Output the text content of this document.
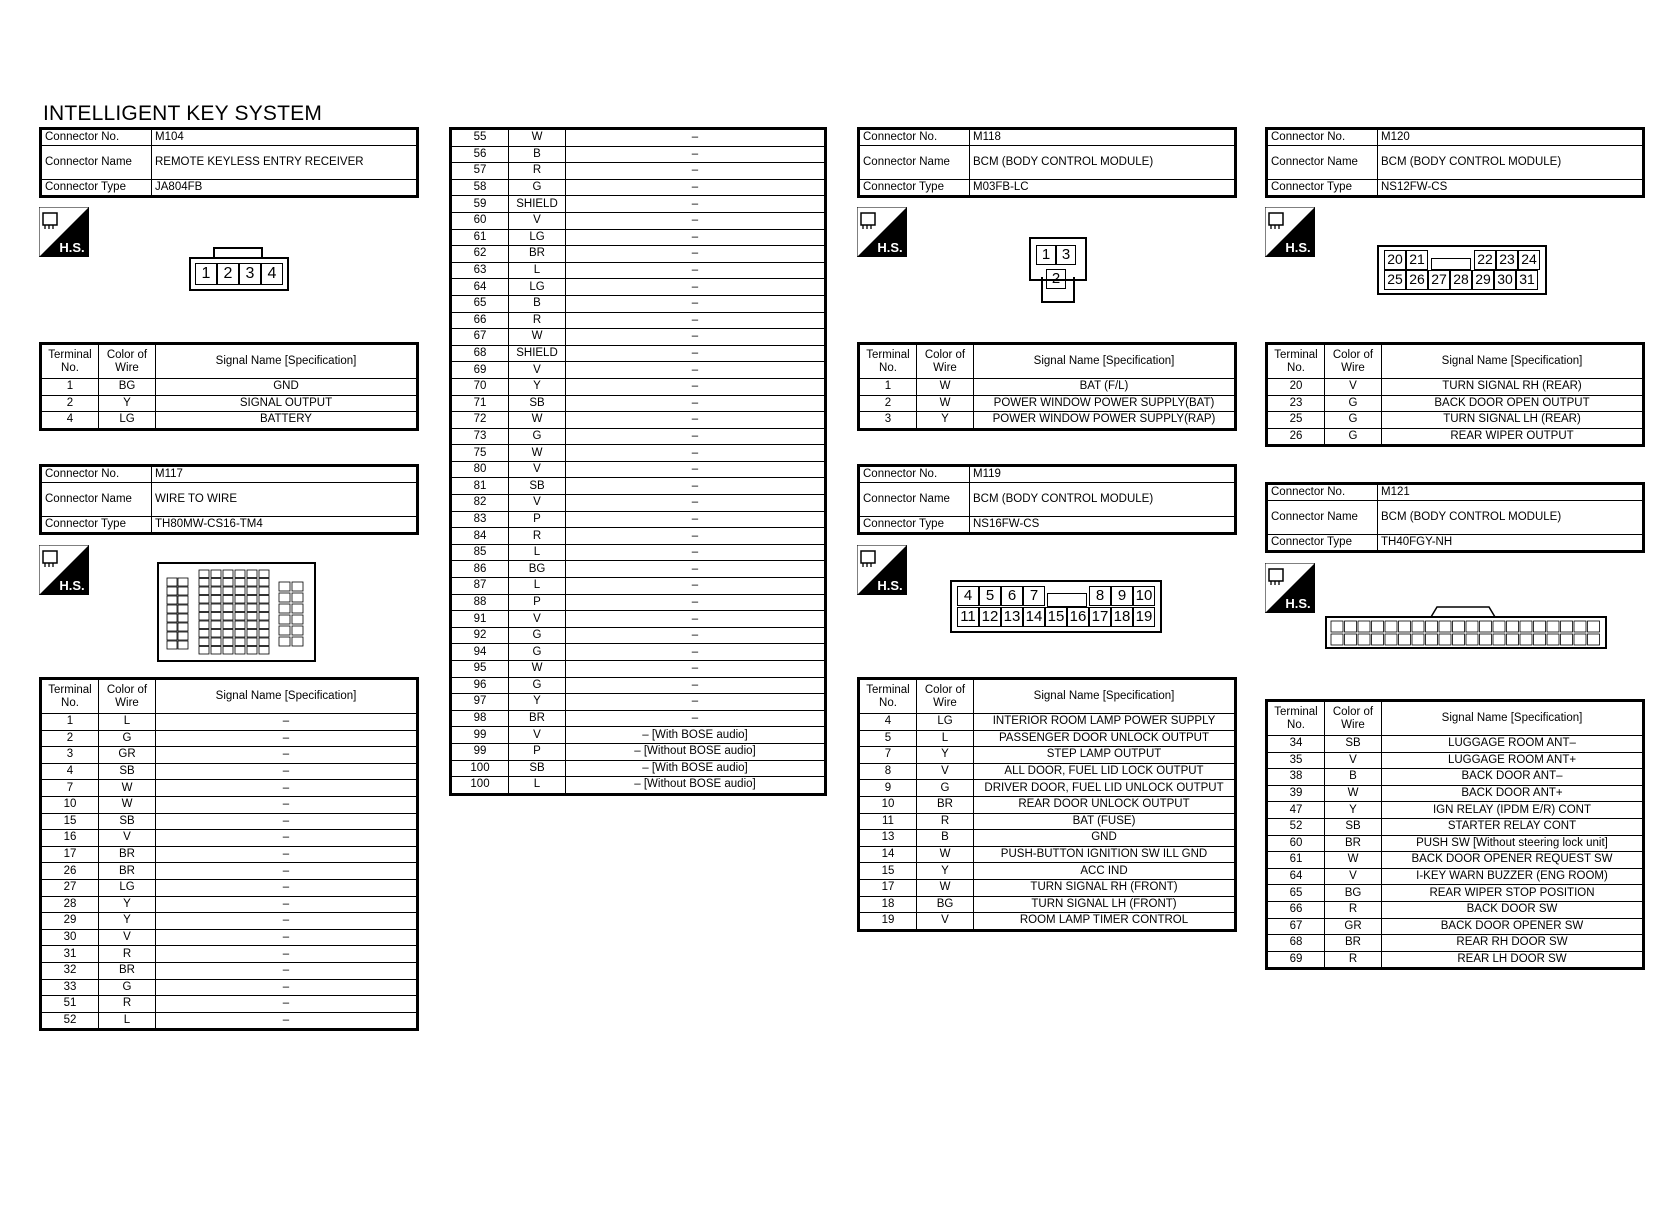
INTELLIGENT KEY SYSTEM
Connector No.	M104
Connector Name	REMOTE KEYLESS ENTRY RECEIVER
Connector Type	JA804FB
H.S.
1 2 3 4
Terminal No.	Color of Wire	Signal Name [Specification]
1	BG	GND
2	Y	SIGNAL OUTPUT
4	LG	BATTERY
Connector No.	M117
Connector Name	WIRE TO WIRE
Connector Type	TH80MW-CS16-TM4
H.S.
Terminal No.	Color of Wire	Signal Name [Specification]
1	L	–
2	G	–
3	GR	–
4	SB	–
7	W	–
10	W	–
15	SB	–
16	V	–
17	BR	–
26	BR	–
27	LG	–
28	Y	–
29	Y	–
30	V	–
31	R	–
32	BR	–
33	G	–
51	R	–
52	L	–
55	W	–
56	B	–
57	R	–
58	G	–
59	SHIELD	–
60	V	–
61	LG	–
62	BR	–
63	L	–
64	LG	–
65	B	–
66	R	–
67	W	–
68	SHIELD	–
69	V	–
70	Y	–
71	SB	–
72	W	–
73	G	–
75	W	–
80	V	–
81	SB	–
82	V	–
83	P	–
84	R	–
85	L	–
86	BG	–
87	L	–
88	P	–
91	V	–
92	G	–
94	G	–
95	W	–
96	G	–
97	Y	–
98	BR	–
99	V	– [With BOSE audio]
99	P	– [Without BOSE audio]
100	SB	– [With BOSE audio]
100	L	– [Without BOSE audio]
Connector No.	M118
Connector Name	BCM (BODY CONTROL MODULE)
Connector Type	M03FB-LC
H.S.	1 3
2
Terminal No.	Color of Wire	Signal Name [Specification]
1	W	BAT (F/L)
2	W	POWER WINDOW POWER SUPPLY(BAT)
3	Y	POWER WINDOW POWER SUPPLY(RAP)
Connector No.	M119
Connector Name	BCM (BODY CONTROL MODULE)
Connector Type	NS16FW-CS
H.S.
4 5 6 7	8 9 10
11 12 13 14 15 16 17 18 19
Terminal No.	Color of Wire	Signal Name [Specification]
4	LG	INTERIOR ROOM LAMP POWER SUPPLY
5	L	PASSENGER DOOR UNLOCK OUTPUT
7	Y	STEP LAMP OUTPUT
8	V	ALL DOOR, FUEL LID LOCK OUTPUT
9	G	DRIVER DOOR, FUEL LID UNLOCK OUTPUT
10	BR	REAR DOOR UNLOCK OUTPUT
11	R	BAT (FUSE)
13	B	GND
14	W	PUSH-BUTTON IGNITION SW ILL GND
15	Y	ACC IND
17	W	TURN SIGNAL RH (FRONT)
18	BG	TURN SIGNAL LH (FRONT)
19	V	ROOM LAMP TIMER CONTROL
Connector No.	M120
Connector Name	BCM (BODY CONTROL MODULE)
Connector Type	NS12FW-CS
H.S.
20 21	22 23 24
25 26 27 28 29 30 31
Terminal No.	Color of Wire	Signal Name [Specification]
20	V	TURN SIGNAL RH (REAR)
23	G	BACK DOOR OPEN OUTPUT
25	G	TURN SIGNAL LH (REAR)
26	G	REAR WIPER OUTPUT
Connector No.	M121
Connector Name	BCM (BODY CONTROL MODULE)
Connector Type	TH40FGY-NH
H.S.
Terminal No.	Color of Wire	Signal Name [Specification]
34	SB	LUGGAGE ROOM ANT–
35	V	LUGGAGE ROOM ANT+
38	B	BACK DOOR ANT–
39	W	BACK DOOR ANT+
47	Y	IGN RELAY (IPDM E/R) CONT
52	SB	STARTER RELAY CONT
60	BR	PUSH SW [Without steering lock unit]
61	W	BACK DOOR OPENER REQUEST SW
64	V	I-KEY WARN BUZZER (ENG ROOM)
65	BG	REAR WIPER STOP POSITION
66	R	BACK DOOR SW
67	GR	BACK DOOR OPENER SW
68	BR	REAR RH DOOR SW
69	R	REAR LH DOOR SW
